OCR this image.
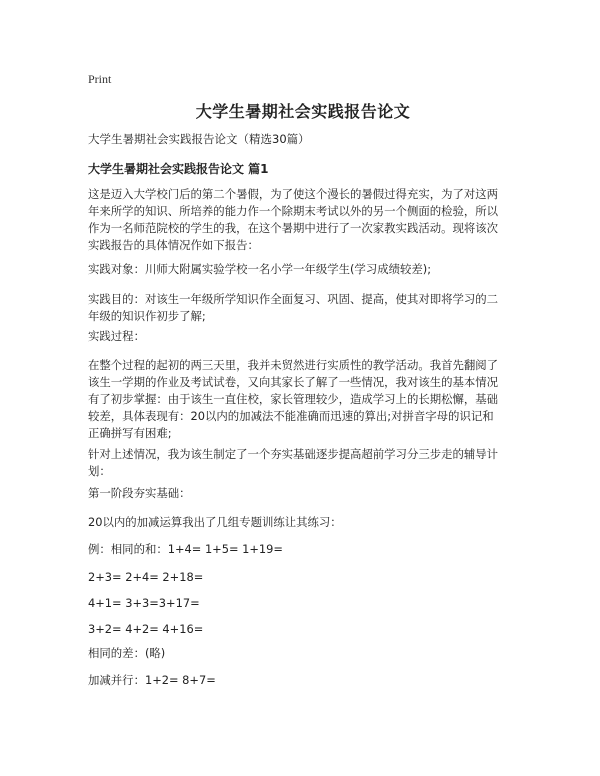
Print
大学生暑期社会实践报告论文
大学生暑期社会实践报告论文（精选30篇）
大学生暑期社会实践报告论文 篇1

这是迈入大学校门后的第二个暑假，为了使这个漫长的暑假过得充实，为了对这两
年来所学的知识、所培养的能力作一个除期末考试以外的另一个侧面的检验，所以
作为一名师范院校的学生的我，在这个暑期中进行了一次家教实践活动。现将该次
实践报告的具体情况作如下报告：

实践对象：川师大附属实验学校一名小学一年级学生(学习成绩较差);

实践目的：对该生一年级所学知识作全面复习、巩固、提高，使其对即将学习的二
年级的知识作初步了解;

实践过程：

在整个过程的起初的两三天里，我并未贸然进行实质性的教学活动。我首先翻阅了
该生一学期的作业及考试试卷，又向其家长了解了一些情况，我对该生的基本情况
有了初步掌握：由于该生一直住校，家长管理较少，造成学习上的长期松懈，基础
较差，具体表现有：20以内的加减法不能准确而迅速的算出;对拼音字母的识记和
正确拼写有困难;

针对上述情况，我为该生制定了一个夯实基础逐步提高超前学习分三步走的辅导计
划：

第一阶段夯实基础：

20以内的加减运算我出了几组专题训练让其练习：

例：相同的和：1+4= 1+5= 1+19=

2+3= 2+4= 2+18=

4+1= 3+3=3+17=

3+2= 4+2= 4+16=

相同的差：(略)

加减并行：1+2= 8+7=
